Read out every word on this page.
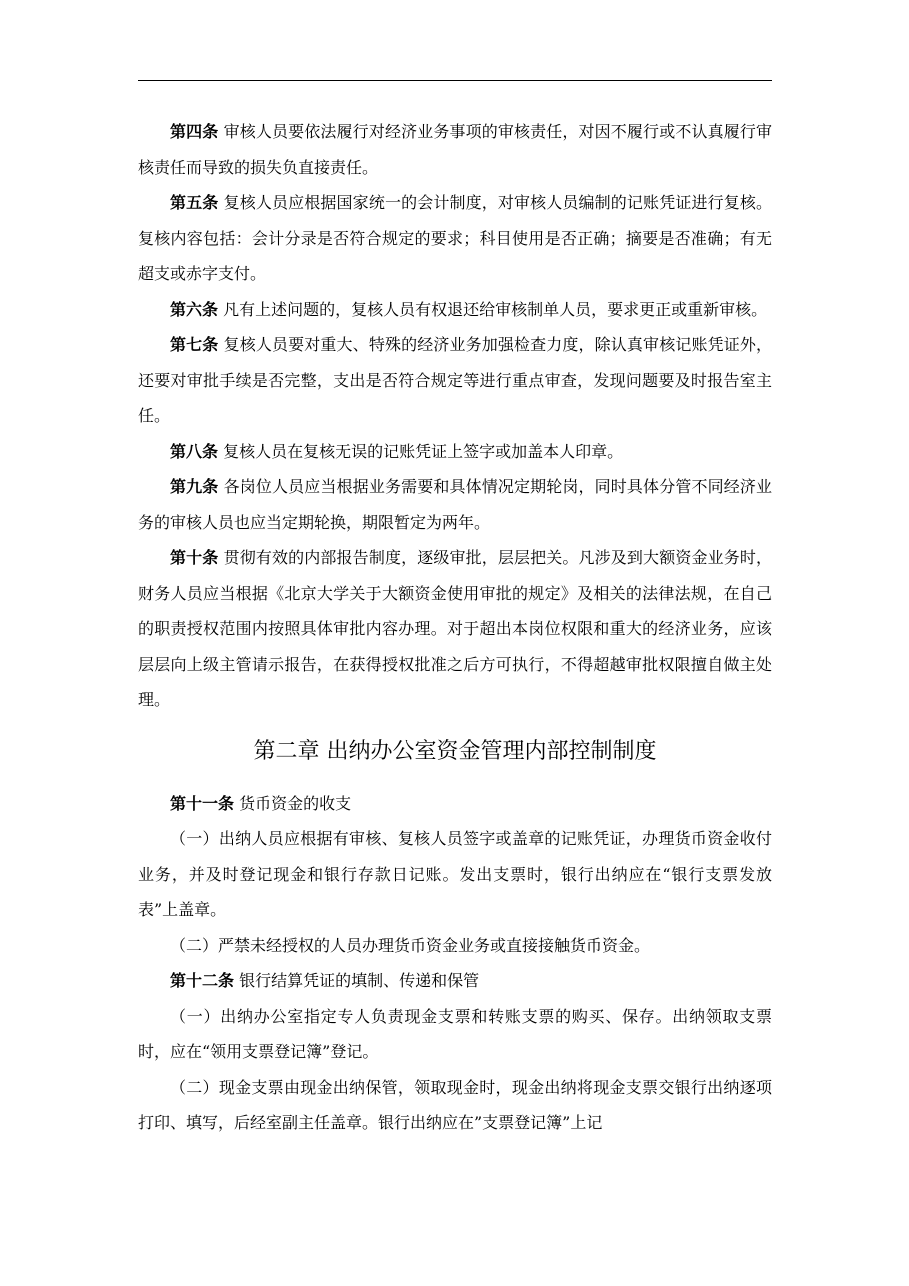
第四条 审核人员要依法履行对经济业务事项的审核责任，对因不履行或不认真履行审核责任而导致的损失负直接责任。

第五条 复核人员应根据国家统一的会计制度，对审核人员编制的记账凭证进行复核。复核内容包括：会计分录是否符合规定的要求；科目使用是否正确；摘要是否准确；有无超支或赤字支付。

第六条 凡有上述问题的，复核人员有权退还给审核制单人员，要求更正或重新审核。

第七条 复核人员要对重大、特殊的经济业务加强检查力度，除认真审核记账凭证外，还要对审批手续是否完整，支出是否符合规定等进行重点审查，发现问题要及时报告室主任。

第八条 复核人员在复核无误的记账凭证上签字或加盖本人印章。

第九条 各岗位人员应当根据业务需要和具体情况定期轮岗，同时具体分管不同经济业务的审核人员也应当定期轮换，期限暂定为两年。

第十条 贯彻有效的内部报告制度，逐级审批，层层把关。凡涉及到大额资金业务时，财务人员应当根据《北京大学关于大额资金使用审批的规定》及相关的法律法规，在自己的职责授权范围内按照具体审批内容办理。对于超出本岗位权限和重大的经济业务，应该层层向上级主管请示报告，在获得授权批准之后方可执行，不得超越审批权限擅自做主处理。

第二章 出纳办公室资金管理内部控制制度

第十一条 货币资金的收支

（一）出纳人员应根据有审核、复核人员签字或盖章的记账凭证，办理货币资金收付业务，并及时登记现金和银行存款日记账。发出支票时，银行出纳应在“银行支票发放表”上盖章。

（二）严禁未经授权的人员办理货币资金业务或直接接触货币资金。

第十二条 银行结算凭证的填制、传递和保管

（一）出纳办公室指定专人负责现金支票和转账支票的购买、保存。出纳领取支票时，应在“领用支票登记簿”登记。

（二）现金支票由现金出纳保管，领取现金时，现金出纳将现金支票交银行出纳逐项打印、填写，后经室副主任盖章。银行出纳应在”支票登记簿”上记
